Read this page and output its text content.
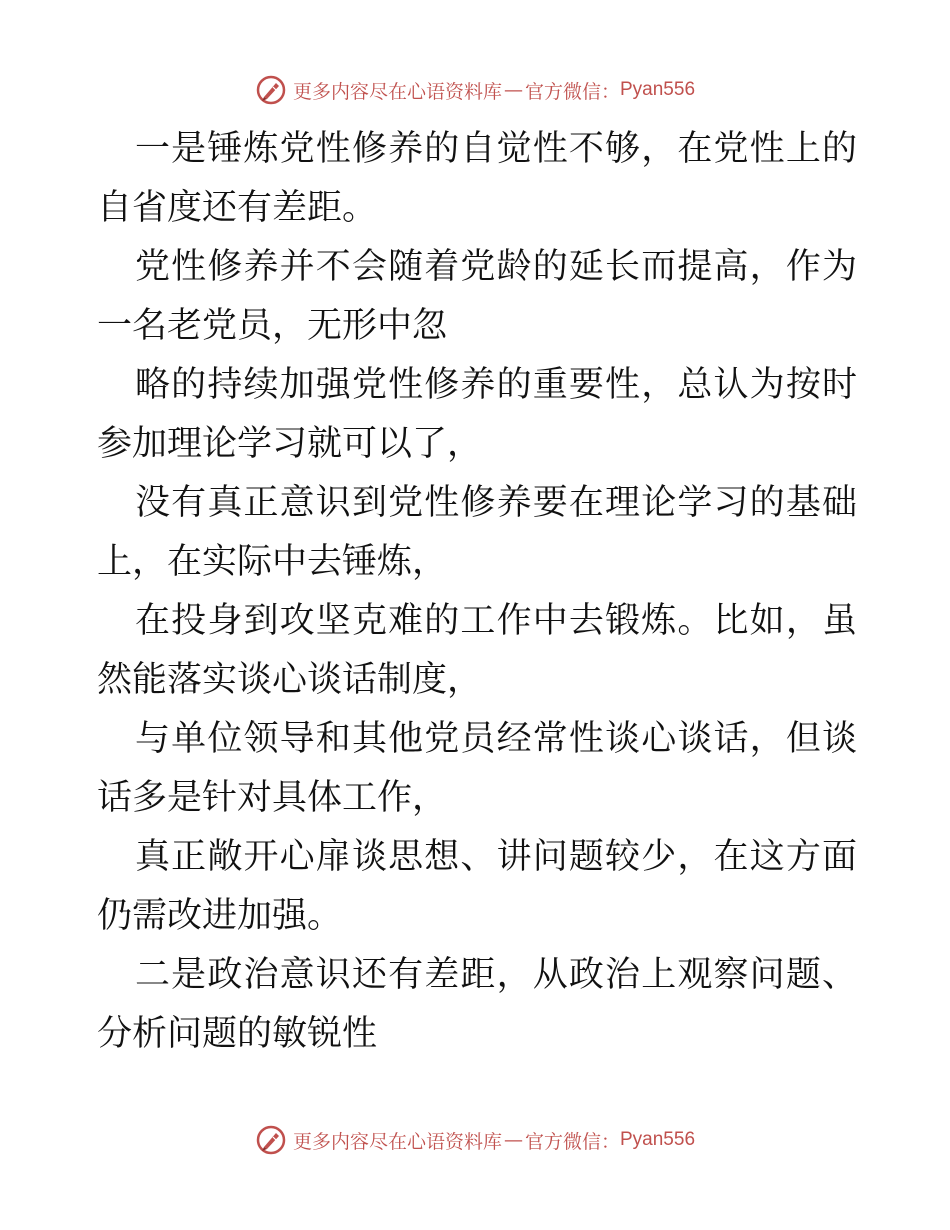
更多内容尽在心语资料库 — 官方微信： Pyan556

一是锤炼党性修养的自觉性不够，在党性上的自省度还有差距。

党性修养并不会随着党龄的延长而提高，作为一名老党员，无形中忽

略的持续加强党性修养的重要性，总认为按时参加理论学习就可以了，

没有真正意识到党性修养要在理论学习的基础上，在实际中去锤炼，

在投身到攻坚克难的工作中去锻炼。比如，虽然能落实谈心谈话制度，

与单位领导和其他党员经常性谈心谈话，但谈话多是针对具体工作，

真正敞开心扉谈思想、讲问题较少，在这方面仍需改进加强。

二是政治意识还有差距，从政治上观察问题、分析问题的敏锐性

更多内容尽在心语资料库 — 官方微信： Pyan556
